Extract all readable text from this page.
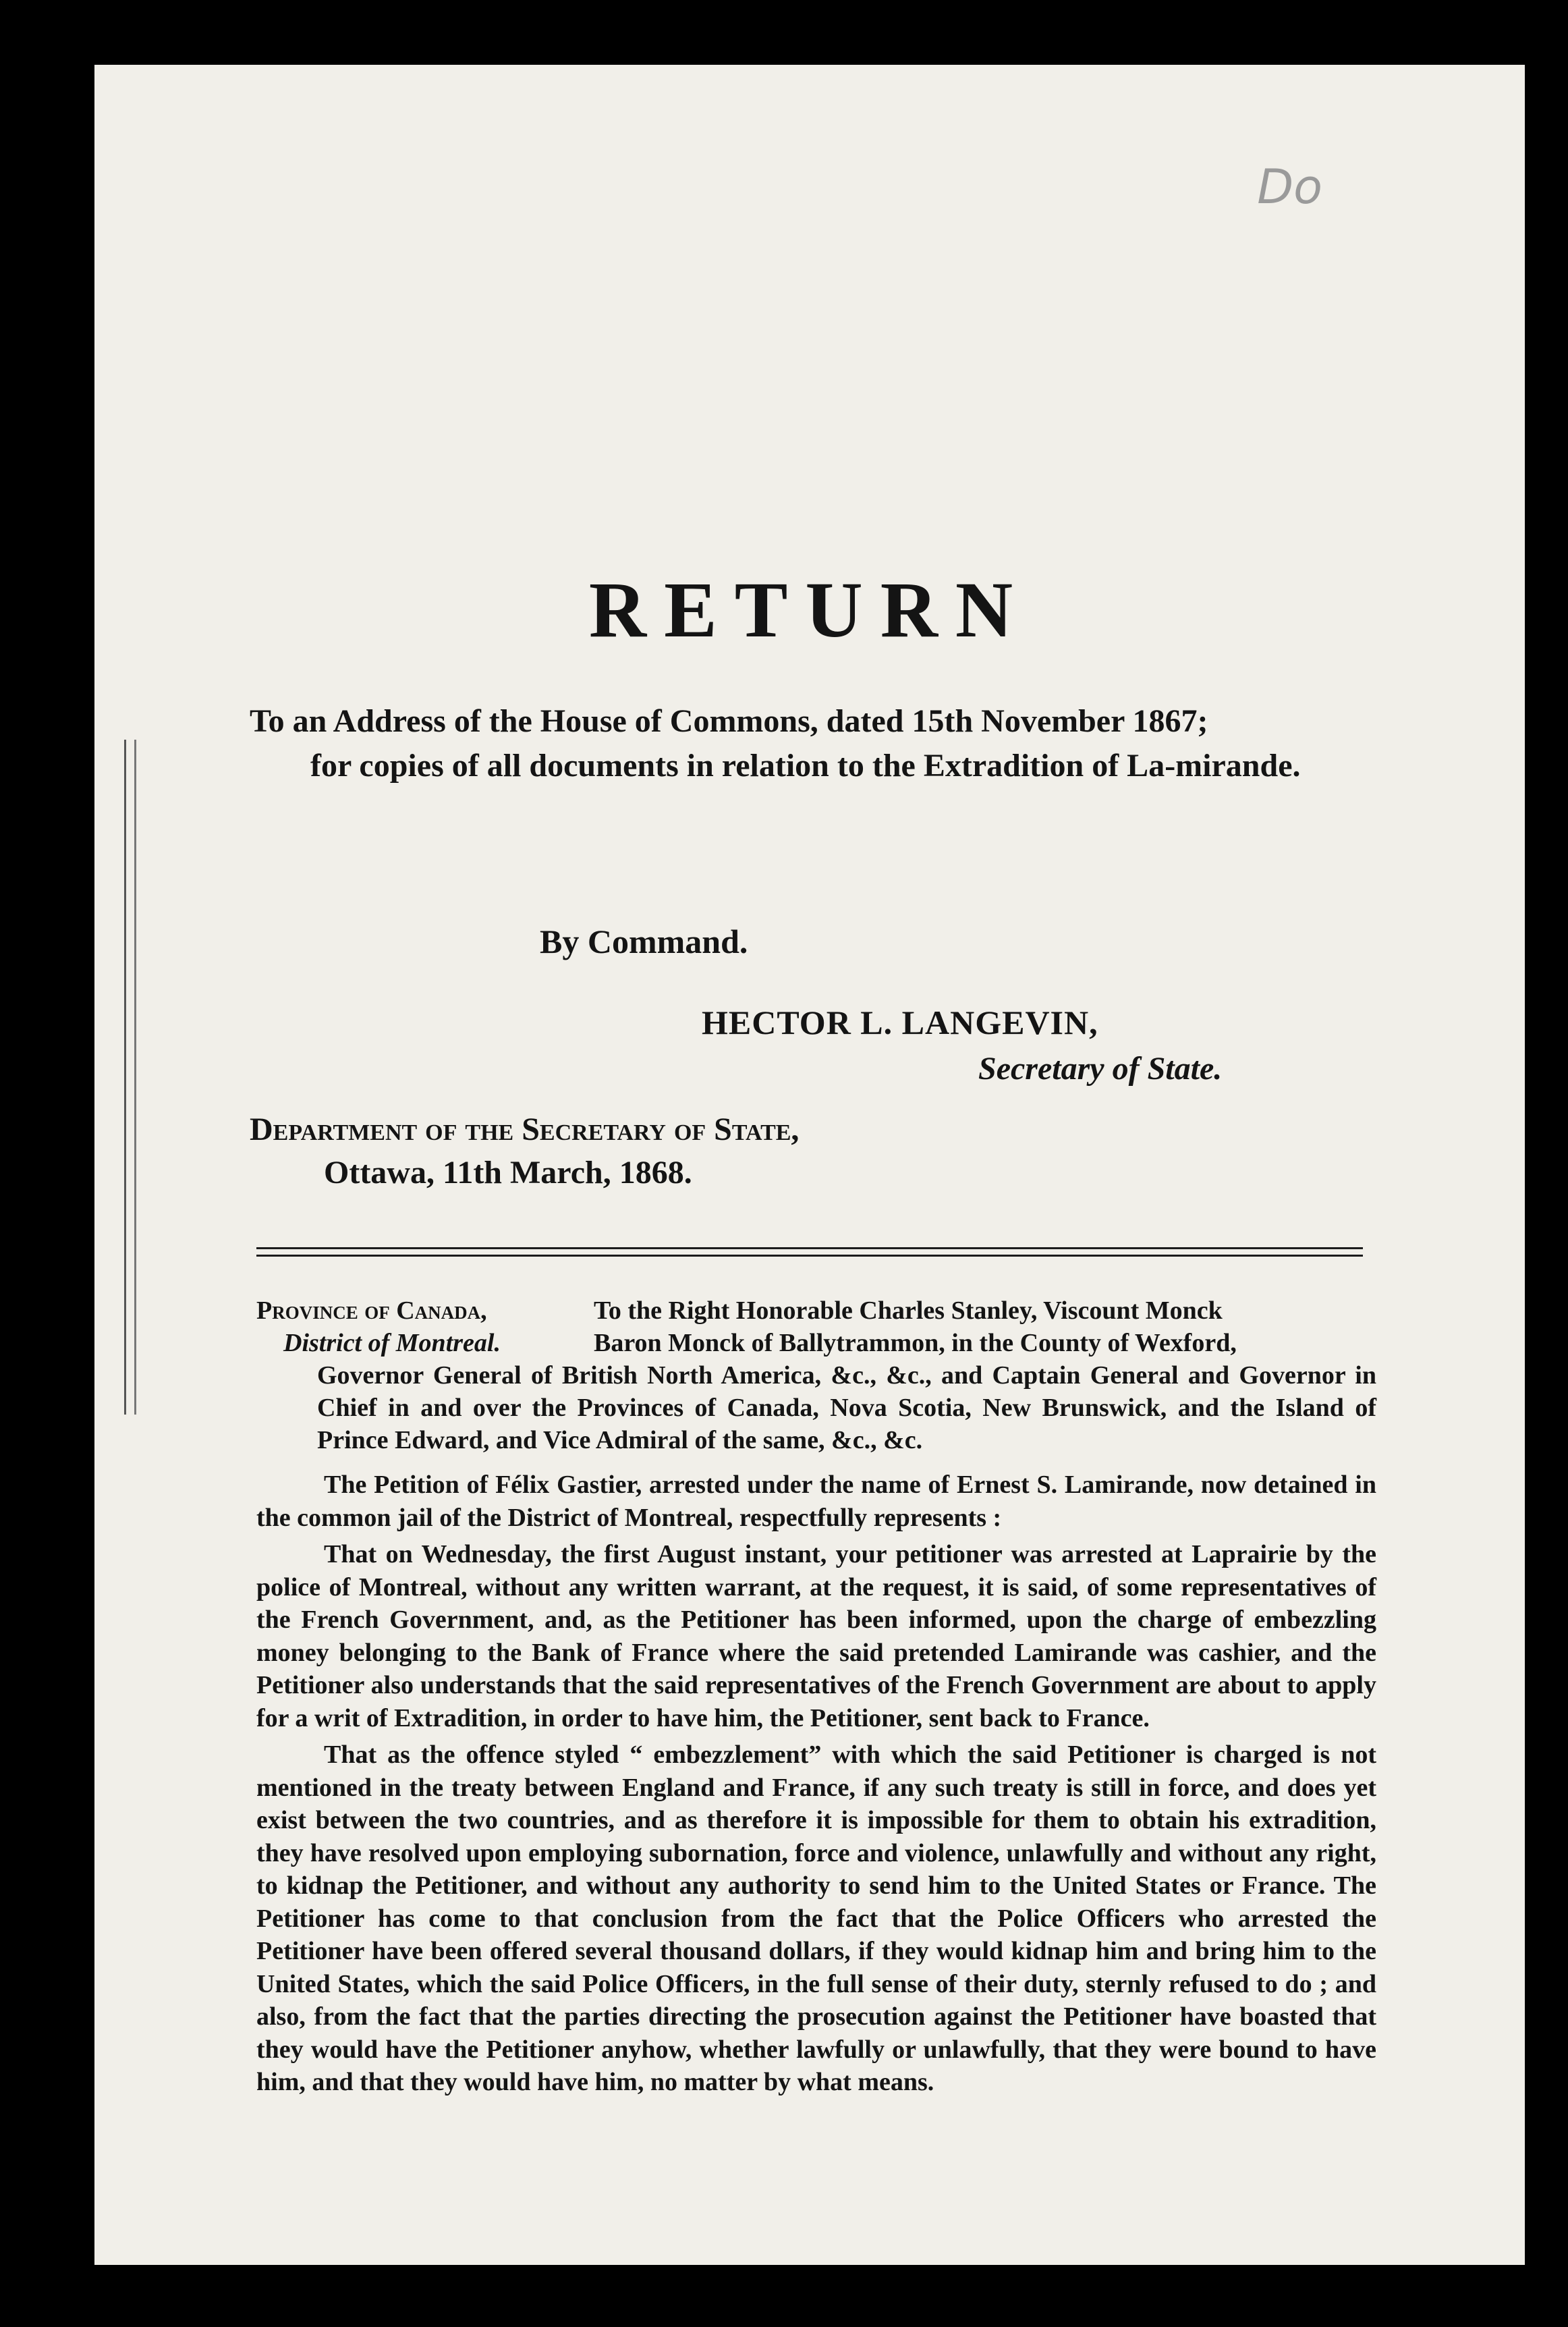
Do
RETURN

To an Address of the House of Commons, dated 15th November 1867;
for copies of all documents in relation to the Extradition of La-mirande.

By Command.

HECTOR L. LANGEVIN,

Secretary of State.

Department of the Secretary of State,

Ottawa, 11th March, 1868.

Province of Canada,
District of Montreal.
To the Right Honorable Charles Stanley, Viscount Monck
Baron Monck of Ballytrammon, in the County of Wexford,
Governor General of British North America, &c., &c., and Captain General and Governor in Chief in and over the Provinces of Canada, Nova Scotia, New Brunswick, and the Island of Prince Edward, and Vice Admiral of the same, &c., &c.

The Petition of Félix Gastier, arrested under the name of Ernest S. Lamirande, now detained in the common jail of the District of Montreal, respectfully represents :

That on Wednesday, the first August instant, your petitioner was arrested at Laprairie by the police of Montreal, without any written warrant, at the request, it is said, of some representatives of the French Government, and, as the Petitioner has been informed, upon the charge of embezzling money belonging to the Bank of France where the said pretended Lamirande was cashier, and the Petitioner also understands that the said representatives of the French Government are about to apply for a writ of Extradition, in order to have him, the Petitioner, sent back to France.

That as the offence styled “ embezzlement” with which the said Petitioner is charged is not mentioned in the treaty between England and France, if any such treaty is still in force, and does yet exist between the two countries, and as therefore it is impossible for them to obtain his extradition, they have resolved upon employing subornation, force and violence, unlawfully and without any right, to kidnap the Petitioner, and without any authority to send him to the United States or France. The Petitioner has come to that conclusion from the fact that the Police Officers who arrested the Petitioner have been offered several thousand dollars, if they would kidnap him and bring him to the United States, which the said Police Officers, in the full sense of their duty, sternly refused to do ; and also, from the fact that the parties directing the prosecution against the Petitioner have boasted that they would have the Petitioner anyhow, whether lawfully or unlawfully, that they were bound to have him, and that they would have him, no matter by what means.
